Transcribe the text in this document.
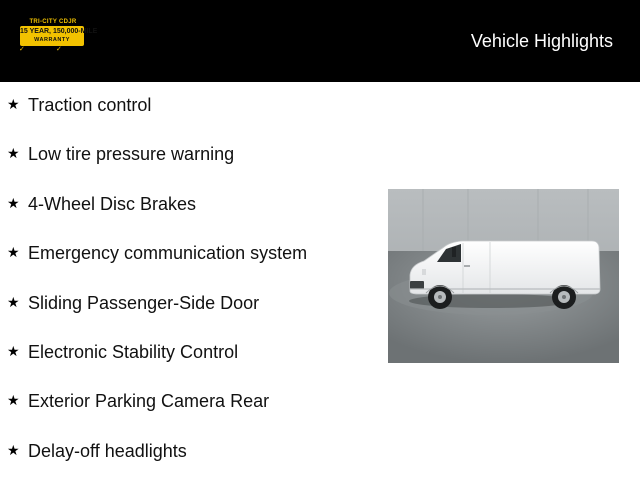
TRI-CITY CDJR
15 YEAR, 150,000-MILE
WARRANTY
✓	✓	Vehicle Highlights
★ Traction control
★ Low tire pressure warning
★ 4-Wheel Disc Brakes
★ Emergency communication system
★ Sliding Passenger-Side Door
★ Electronic Stability Control
★ Exterior Parking Camera Rear
★ Delay-off headlights
